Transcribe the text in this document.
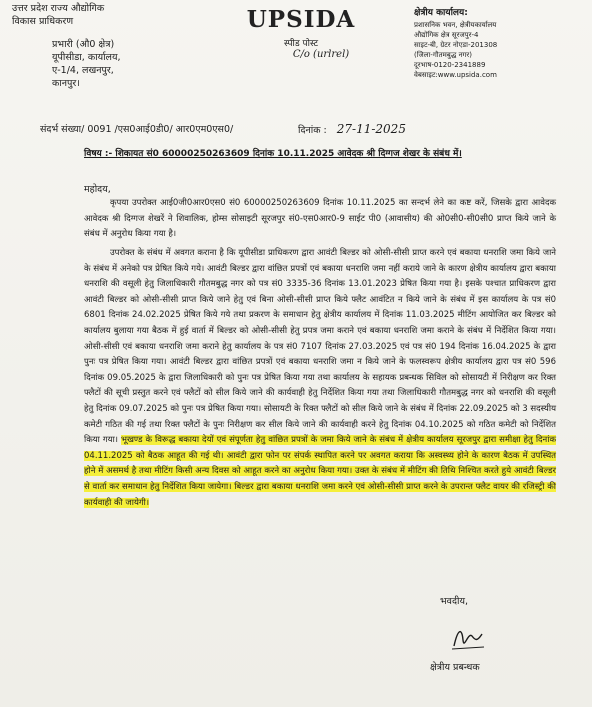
उत्तर प्रदेश राज्य औद्योगिक
विकास प्राधिकरण
प्रभारी (औ0 क्षेत्र)
यूपीसीडा, कार्यालय,
ए-1/4, लखनपुर,
कानपुर।
UPSIDA
स्पीड पोस्ट
C/o (urlrel)
क्षेत्रीय कार्यालय:
प्रशासनिक भवन, क्षेत्रीयकार्यालय
औद्योगिक क्षेत्र सूरजपुर-4
साइट-बी, ग्रेटर नोएडा-201308
(जिला-गौतमबुद्ध नगर)
दूरभाष-0120-2341889
वेबसाइट:www.upsida.com
संदर्भ संख्या/ 0091 /एस0आई0डी0/ आर0एम0एस0/	दिनांक : 27-11-2025
विषय :- शिकायत सं0 60000250263609 दिनांक 10.11.2025 आवेदक श्री दिग्गज शेखर के संबंध में।
महोदय,
कृपया उपरोक्त आई0जी0आर0एस0 सं0 60000250263609 दिनांक 10.11.2025 का सन्दर्भ लेने का कष्ट करें, जिसके द्वारा आवेदक आवेदक श्री दिग्गज शेखरें ने शिवालिक, होम्स सोसाइटी सूरजपुर सं0-एस0आर0-9 साईट पी0 (आवासीय) की ओ0सी0-सी0सी0 प्राप्त किये जाने के संबंध में अनुरोध किया गया है।
उपरोक्त के संबंध में अवगत कराना है कि यूपीसीडा प्राधिकरण द्वारा आवंटी बिल्डर को ओसी-सीसी प्राप्त करने एवं बकाया धनराशि जमा किये जाने के संबंध में अनेको पत्र प्रेषित किये गये। आवंटी बिल्डर द्वारा वांछित प्रपत्रों एवं बकाया धनराशि जमा नहीं कराये जाने के कारण क्षेत्रीय कार्यालय द्वारा बकाया धनराशि की वसूली हेतु जिलाधिकारी गौतमबुद्ध नगर को पत्र सं0 3335-36 दिनांक 13.01.2023 प्रेषित किया गया है। इसके पश्चात प्राधिकरण द्वारा आवंटी बिल्डर को ओसी-सीसी प्राप्त किये जाने हेतु एवं बिना ओसी-सीसी प्राप्त किये फ्लैट आवंटित न किये जाने के संबंध में इस कार्यालय के पत्र सं0 6801 दिनांक 24.02.2025 प्रेषित किये गये तथा प्रकरण के समाधान हेतु क्षेत्रीय कार्यालय में दिनांक 11.03.2025 मीटिंग आयोजित कर बिल्डर को कार्यालय बुलाया गया बैठक में हुई वार्ता में बिल्डर को ओसी-सीसी हेतु प्रपत्र जमा कराने एवं बकाया धनराशि जमा कराने के संबंध में निर्देशित किया गया। ओसी-सीसी एवं बकाया धनराशि जमा कराने हेतु कार्यालय के पत्र सं0 7107 दिनांक 27.03.2025 एवं पत्र सं0 194 दिनांक 16.04.2025 के द्वारा पुनः पत्र प्रेषित किया गया। आवंटी बिल्डर द्वारा वांछित प्रपत्रों एवं बकाया धनराशि जमा न किये जाने के फलस्वरूप क्षेत्रीय कार्यालय द्वारा पत्र सं0 596 दिनांक 09.05.2025 के द्वारा जिलाधिकारी को पुनः पत्र प्रेषित किया गया तथा कार्यालय के सहायक प्रबन्धक सिविल को सोसायटी में निरीक्षण कर रिक्त फ्लैटों की सूची प्रस्तुत करने एवं फ्लैटों को सील किये जाने की कार्यवाही हेतु निर्देशित किया गया तथा जिलाधिकारी गौतमबुद्ध नगर को धनराशि की वसूली हेतु दिनांक 09.07.2025 को पुनः पत्र प्रेषित किया गया। सोसायटी के रिक्त फ्लैटों को सील किये जाने के संबंध में दिनांक 22.09.2025 को 3 सदस्यीय कमेटी गठित की गई तथा रिक्त फ्लैटों के पुनः निरीक्षण कर सील किये जाने की कार्यवाही करने हेतु दिनांक 04.10.2025 को गठित कमेटी को निर्देशित किया गया। भूखण्ड के विरूद्ध बकाया देयों एवं संपूर्णता हेतु वांछित प्रपत्रों के जमा किये जाने के संबंध में क्षेत्रीय कार्यालय सूरजपुर द्वारा समीक्षा हेतु दिनांक 04.11.2025 को बैठक आहूत की गई थी। आवंटी द्वारा फोन पर संपर्क स्थापित करने पर अवगत कराया कि अस्वस्थ्य होने के कारण बैठक में उपस्थित होने में असमर्थ है तथा मीटिंग किसी अन्य दिवस को आहूत करने का अनुरोध किया गया। उक्त के संबंध में मीटिंग की तिथि निश्चित करते हुये आवंटी बिल्डर से वार्ता कर समाधान हेतु निर्देशित किया जायेगा। बिल्डर द्वारा बकाया धनराशि जमा करने एवं ओसी-सीसी प्राप्त करने के उपरान्त फ्लैट वायर की रजिस्ट्री की कार्यवाही की जायेगी।
भवदीय,
क्षेत्रीय प्रबन्धक
